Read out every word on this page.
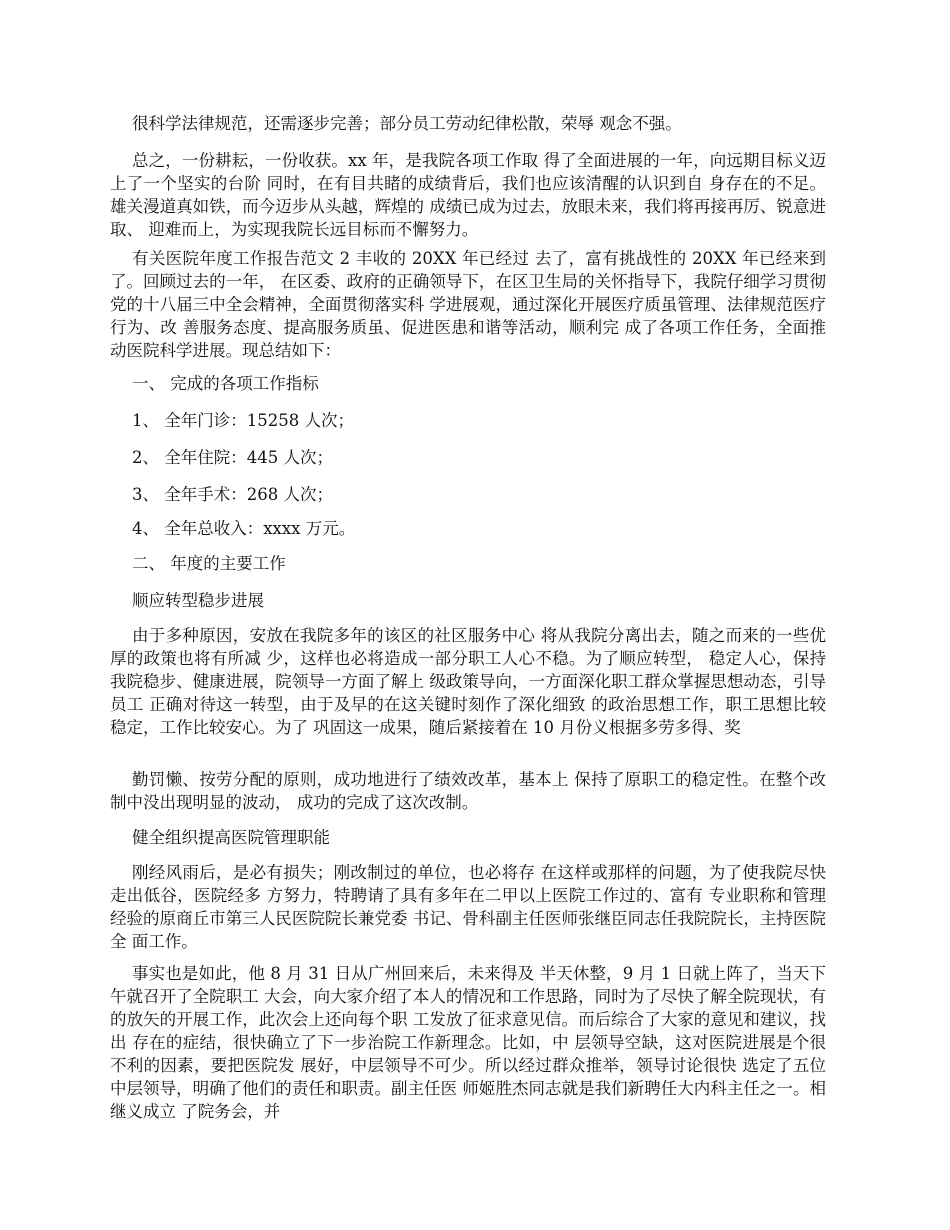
很科学法律规范，还需逐步完善；部分员工劳动纪律松散，荣辱 观念不强。

总之，一份耕耘，一份收获。xx 年，是我院各项工作取 得了全面进展的一年，向远期目标义迈上了一个坚实的台阶 同时，在有目共睹的成绩背后，我们也应该清醒的认识到自 身存在的不足。雄关漫道真如铁，而今迈步从头越，辉煌的 成绩已成为过去，放眼未来，我们将再接再厉、锐意进取、 迎难而上，为实现我院长远目标而不懈努力。

有关医院年度工作报告范文 2 丰收的 20XX 年已经过 去了，富有挑战性的 20XX 年已经来到了。回顾过去的一年， 在区委、政府的正确领导下，在区卫生局的关怀指导下，我院仔细学习贯彻党的十八届三中全会精神，全面贯彻落实科 学进展观，通过深化开展医疗质虽管理、法律规范医疗行为、改 善服务态度、提高服务质虽、促进医患和谐等活动，顺利完 成了各项工作任务，全面推动医院科学进展。现总结如下：

一、 完成的各项工作指标

1、 全年门诊：15258 人次；

2、 全年住院：445 人次；

3、 全年手术：268 人次；

4、 全年总收入：xxxx 万元。

二、 年度的主要工作

顺应转型稳步进展

由于多种原因，安放在我院多年的该区的社区服务中心 将从我院分离出去，随之而来的一些优厚的政策也将有所减 少，这样也必将造成一部分职工人心不稳。为了顺应转型， 稳定人心，保持我院稳步、健康进展，院领导一方面了解上 级政策导向，一方面深化职工群众掌握思想动态，引导员工 正确对待这一转型，由于及早的在这关键时刻作了深化细致 的政治思想工作，职工思想比较稳定，工作比较安心。为了 巩固这一成果，随后紧接着在 10 月份义根据多劳多得、奖

勤罚懒、按劳分配的原则，成功地进行了绩效改革，基本上 保持了原职工的稳定性。在整个改制中没出现明显的波动， 成功的完成了这次改制。

健全组织提高医院管理职能

刚经风雨后，是必有损失；刚改制过的单位，也必将存 在这样或那样的问题，为了使我院尽快走出低谷，医院经多 方努力，特聘请了具有多年在二甲以上医院工作过的、富有 专业职称和管理经验的原商丘市第三人民医院院长兼党委 书记、骨科副主任医师张继臣同志任我院院长，主持医院全 面工作。

事实也是如此，他 8 月 31 日从广州回来后，未来得及 半天休整，9 月 1 日就上阵了，当天下午就召开了全院职工 大会，向大家介绍了本人的情况和工作思路，同时为了尽快了解全院现状，有的放矢的开展工作，此次会上还向每个职 工发放了征求意见信。而后综合了大家的意见和建议，找出 存在的症结，很快确立了下一步治院工作新理念。比如，中 层领导空缺，这对医院进展是个很不利的因素，要把医院发 展好，中层领导不可少。所以经过群众推举，领导讨论很快 选定了五位中层领导，明确了他们的责任和职责。副主任医 师姬胜杰同志就是我们新聘任大内科主任之一。相继义成立 了院务会，并
